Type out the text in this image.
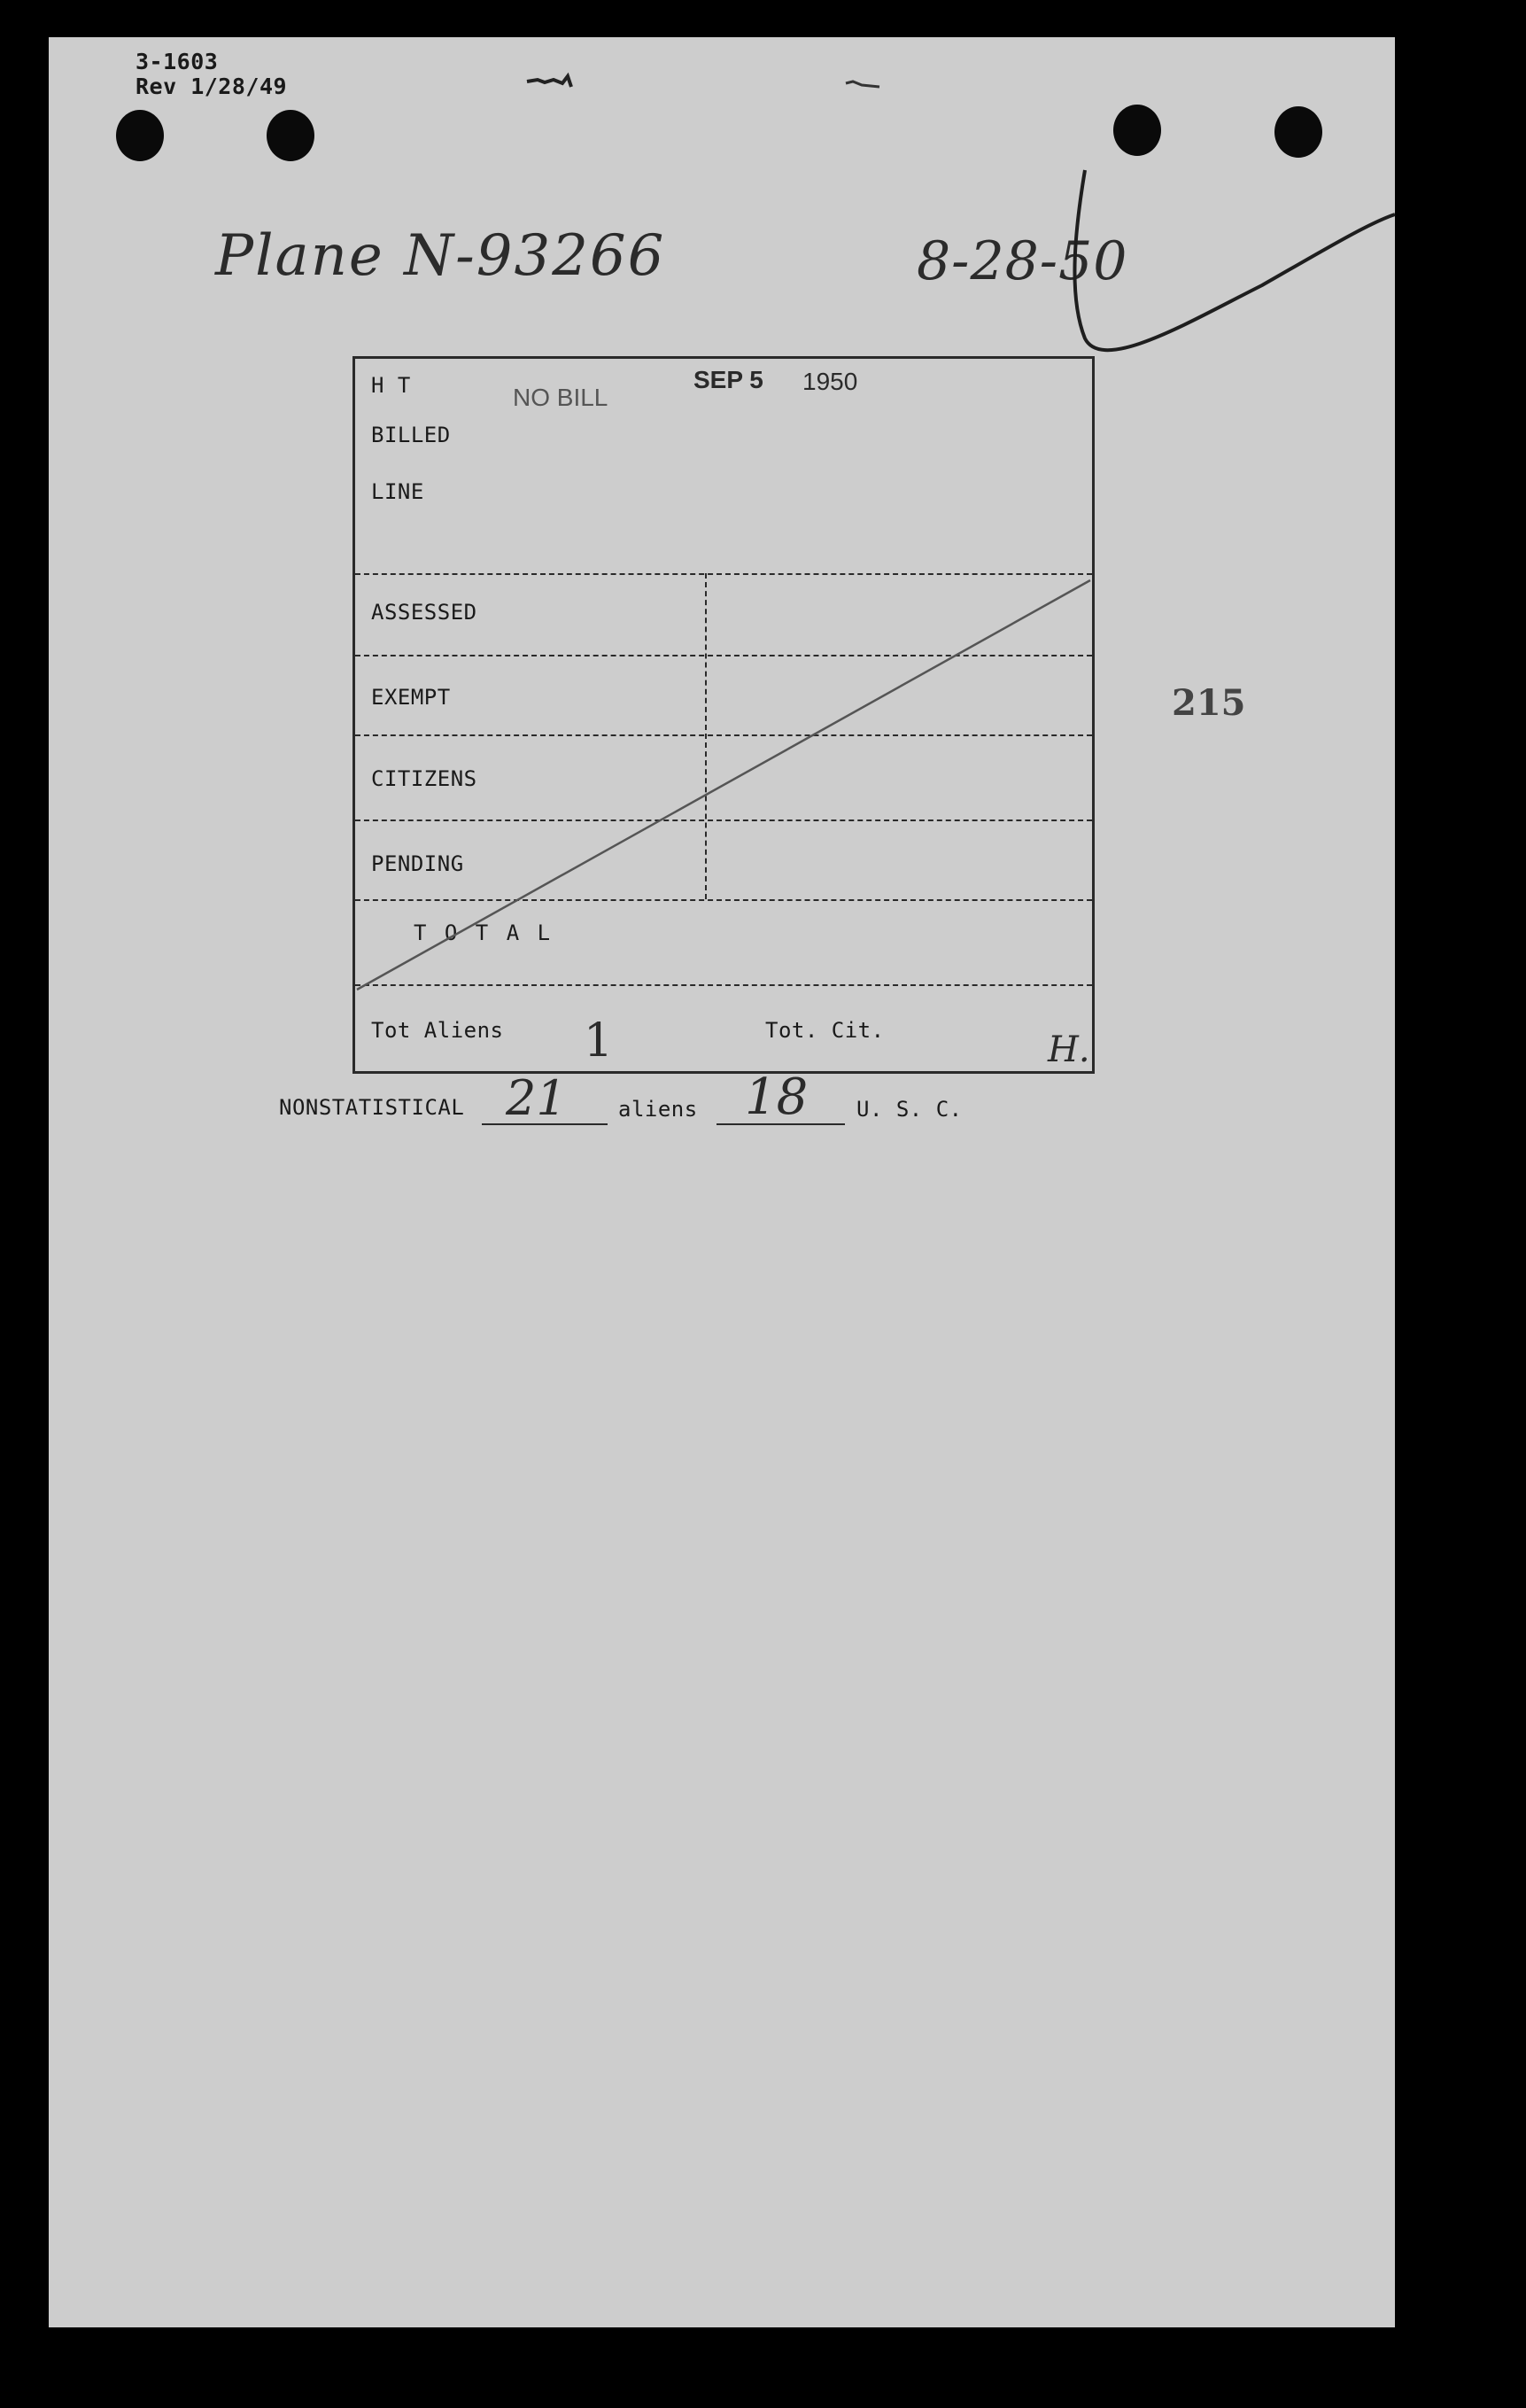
3-1603
Rev 1/28/49
Plane N-93266	8-28-50
H T
BILLED
LINE
NO BILL
SEP 5 1950
ASSESSED
EXEMPT
CITIZENS
PENDING
T O T A L
Tot Aliens 1	Tot. Cit.	H.
215
NONSTATISTICAL 21 aliens 18 U. S. C.
